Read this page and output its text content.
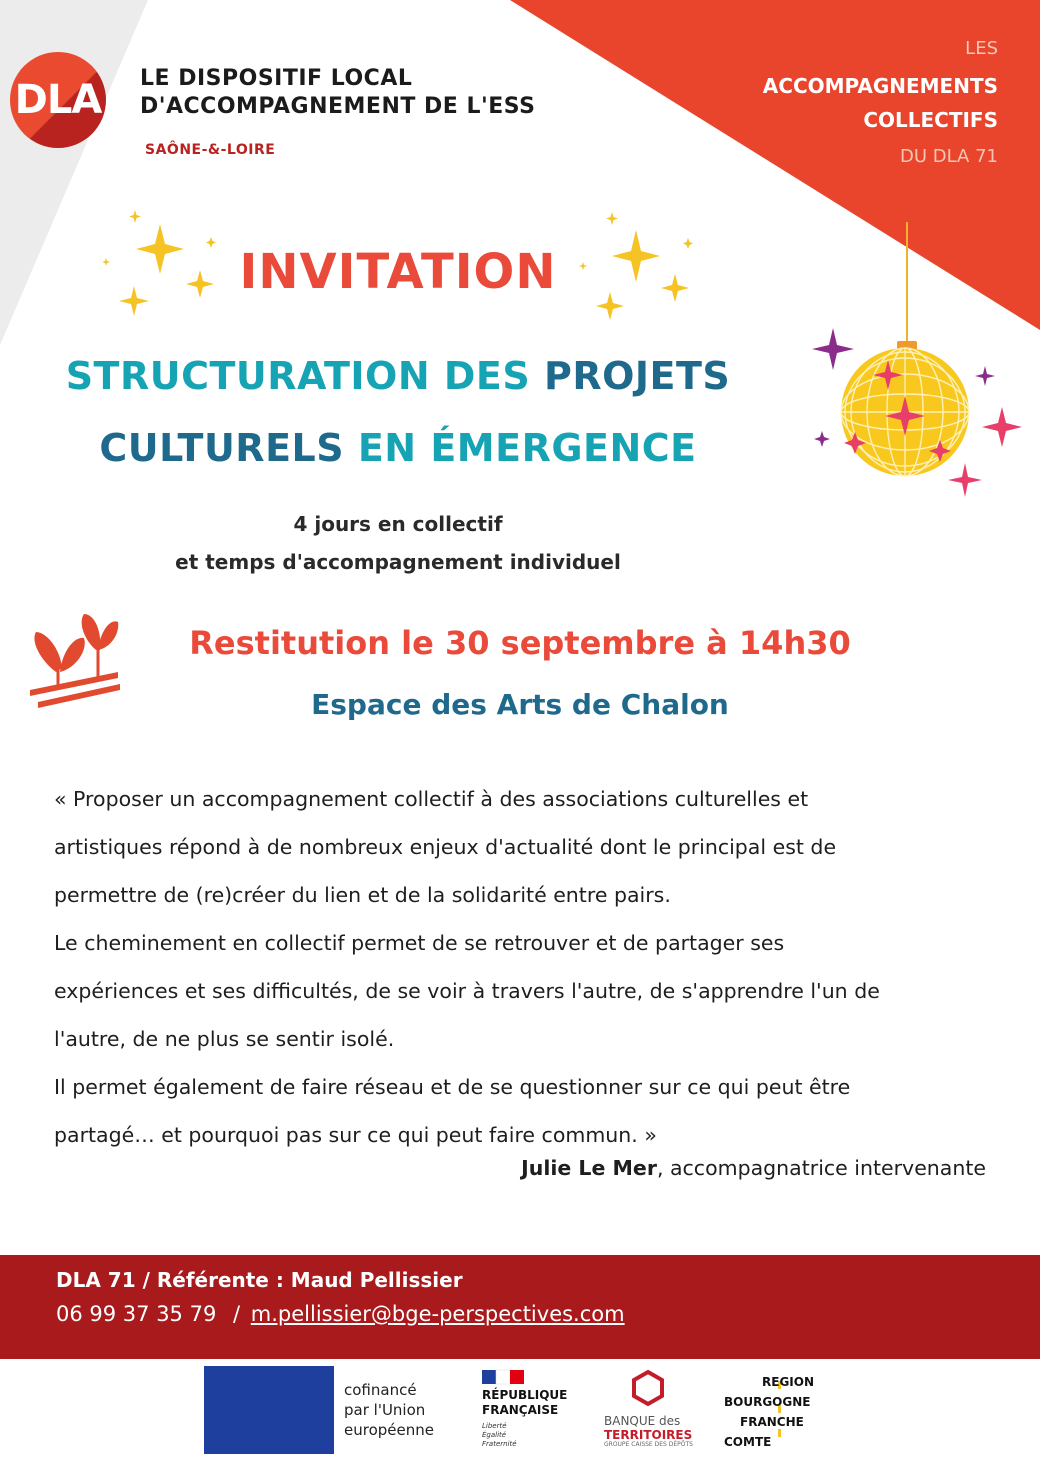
DLA LE DISPOSITIF LOCAL
D'ACCOMPAGNEMENT DE L'ESS
SAÔNE-&-LOIRE
LES
ACCOMPAGNEMENTS
COLLECTIFS
DU DLA 71
INVITATION
STRUCTURATION DES PROJETS
CULTURELS EN ÉMERGENCE
4 jours en collectif
et temps d'accompagnement individuel
Restitution le 30 septembre à 14h30
Espace des Arts de Chalon
« Proposer un accompagnement collectif à des associations culturelles et
artistiques répond à de nombreux enjeux d'actualité dont le principal est de
permettre de (re)créer du lien et de la solidarité entre pairs.
Le cheminement en collectif permet de se retrouver et de partager ses
expériences et ses difficultés, de se voir à travers l'autre, de s'apprendre l'un de
l'autre, de ne plus se sentir isolé.
Il permet également de faire réseau et de se questionner sur ce qui peut être
partagé… et pourquoi pas sur ce qui peut faire commun. »
Julie Le Mer, accompagnatrice intervenante
DLA 71 / Référente : Maud Pellissier
06 99 37 35 79 / m.pellissier@bge-perspectives.com
cofinancé
par l'Union
européenne
RÉPUBLIQUE
FRANÇAISE
Liberté
Égalité
Fraternité
BANQUE des
TERRITOIRES
GROUPE CAISSE DES DÉPÔTS
REGION
BOURGOGNE
FRANCHE
COMTE
